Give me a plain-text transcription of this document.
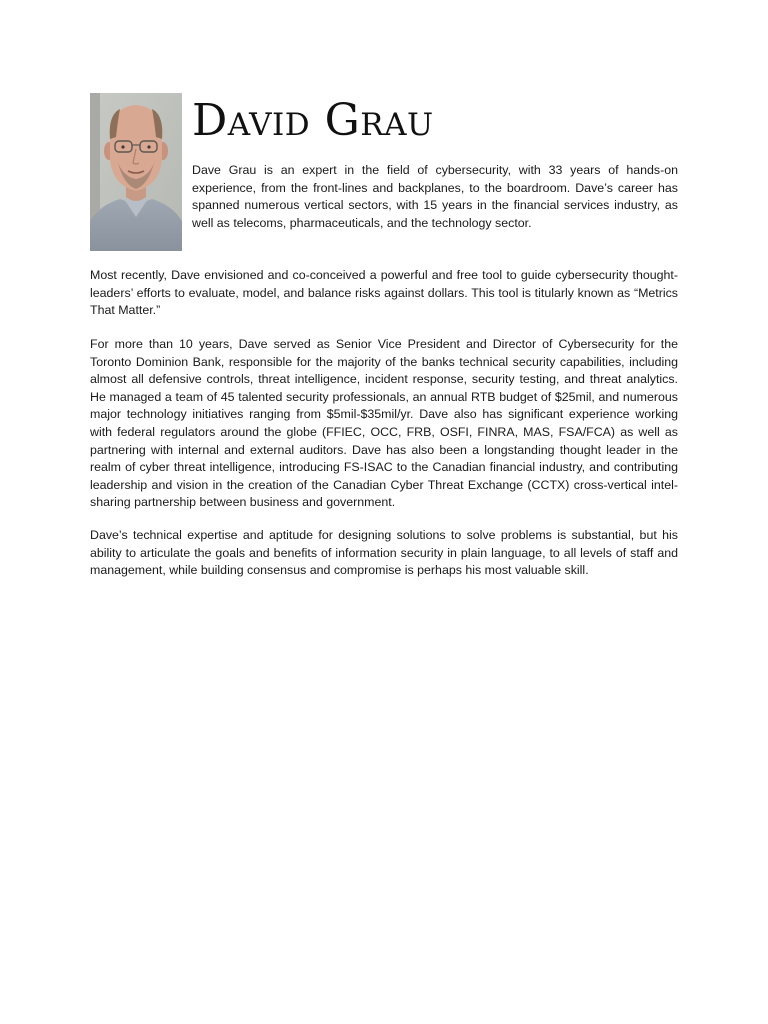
David Grau

Dave Grau is an expert in the field of cybersecurity, with 33 years of hands-on experience, from the front-lines and backplanes, to the boardroom. Dave’s career has spanned numerous vertical sectors, with 15 years in the financial services industry, as well as telecoms, pharmaceuticals, and the technology sector.

Most recently, Dave envisioned and co-conceived a powerful and free tool to guide cybersecurity thought-leaders’ efforts to evaluate, model, and balance risks against dollars. This tool is titularly known as “Metrics That Matter.”

For more than 10 years, Dave served as Senior Vice President and Director of Cybersecurity for the Toronto Dominion Bank, responsible for the majority of the banks technical security capabilities, including almost all defensive controls, threat intelligence, incident response, security testing, and threat analytics. He managed a team of 45 talented security professionals, an annual RTB budget of $25mil, and numerous major technology initiatives ranging from $5mil-$35mil/yr. Dave also has significant experience working with federal regulators around the globe (FFIEC, OCC, FRB, OSFI, FINRA, MAS, FSA/FCA) as well as partnering with internal and external auditors. Dave has also been a longstanding thought leader in the realm of cyber threat intelligence, introducing FS-ISAC to the Canadian financial industry, and contributing leadership and vision in the creation of the Canadian Cyber Threat Exchange (CCTX) cross-vertical intel-sharing partnership between business and government.

Dave’s technical expertise and aptitude for designing solutions to solve problems is substantial, but his ability to articulate the goals and benefits of information security in plain language, to all levels of staff and management, while building consensus and compromise is perhaps his most valuable skill.
